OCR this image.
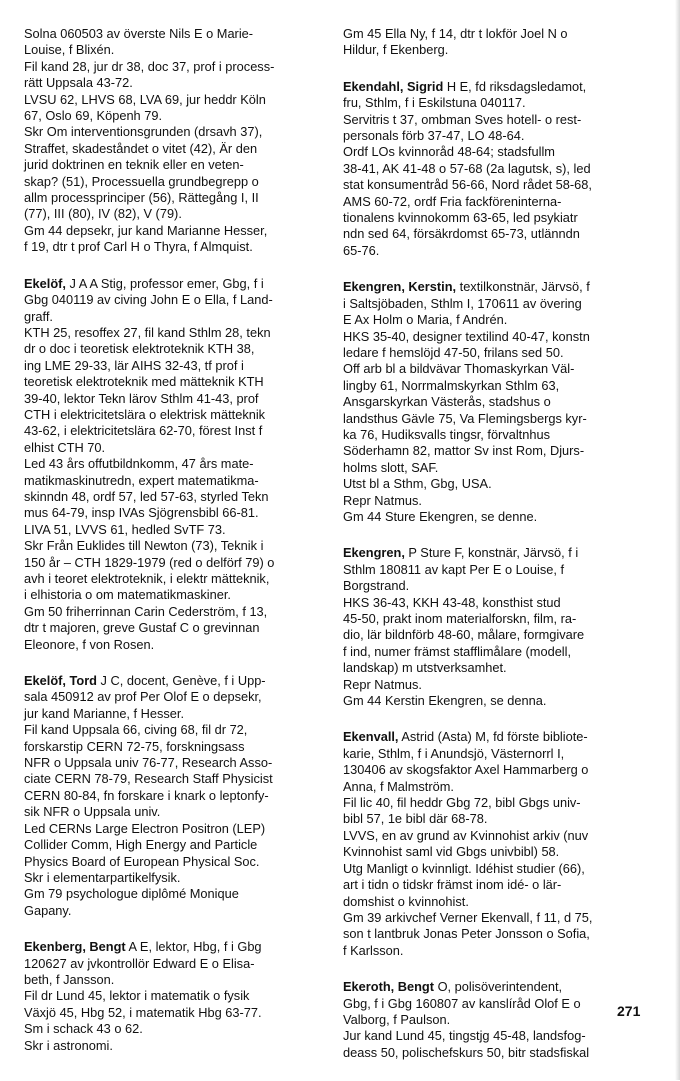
Solna 060503 av överste Nils E o Marie-
Louise, f Blixén.
Fil kand 28, jur dr 38, doc 37, prof i process-
rätt Uppsala 43-72.
LVSU 62, LHVS 68, LVA 69, jur heddr Köln
67, Oslo 69, Köpenh 79.
Skr Om interventionsgrunden (drsavh 37),
Straffet, skadeståndet o vitet (42), Är den
jurid doktrinen en teknik eller en veten-
skap? (51), Processuella grundbegrepp o
allm processprinciper (56), Rättegång I, II
(77), III (80), IV (82), V (79).
Gm 44 depsekr, jur kand Marianne Hesser,
f 19, dtr t prof Carl H o Thyra, f Almquist.

Ekelöf, J A A Stig, professor emer, Gbg, f i
Gbg 040119 av civing John E o Ella, f Land-
graff.
KTH 25, resoffex 27, fil kand Sthlm 28, tekn
dr o doc i teoretisk elektroteknik KTH 38,
ing LME 29-33, lär AIHS 32-43, tf prof i
teoretisk elektroteknik med mätteknik KTH
39-40, lektor Tekn lärov Sthlm 41-43, prof
CTH i elektricitetslära o elektrisk mätteknik
43-62, i elektricitetslära 62-70, förest Inst f
elhist CTH 70.
Led 43 års offutbildnkomm, 47 års mate-
matikmaskinutredn, expert matematikma-
skinndn 48, ordf 57, led 57-63, styrled Tekn
mus 64-79, insp IVAs Sjögrensbibl 66-81.
LIVA 51, LVVS 61, hedled SvTF 73.
Skr Från Euklides till Newton (73), Teknik i
150 år – CTH 1829-1979 (red o delförf 79) o
avh i teoret elektroteknik, i elektr mätteknik,
i elhistoria o om matematikmaskiner.
Gm 50 friherrinnan Carin Cederström, f 13,
dtr t majoren, greve Gustaf C o grevinnan
Eleonore, f von Rosen.

Ekelöf, Tord J C, docent, Genève, f i Upp-
sala 450912 av prof Per Olof E o depsekr,
jur kand Marianne, f Hesser.
Fil kand Uppsala 66, civing 68, fil dr 72,
forskarstip CERN 72-75, forskningsass
NFR o Uppsala univ 76-77, Research Asso-
ciate CERN 78-79, Research Staff Physicist
CERN 80-84, fn forskare i knark o leptonfy-
sik NFR o Uppsala univ.
Led CERNs Large Electron Positron (LEP)
Collider Comm, High Energy and Particle
Physics Board of European Physical Soc.
Skr i elementarpartikelfysik.
Gm 79 psychologue diplômé Monique
Gapany.

Ekenberg, Bengt A E, lektor, Hbg, f i Gbg
120627 av jvkontrollör Edward E o Elisa-
beth, f Jansson.
Fil dr Lund 45, lektor i matematik o fysik
Växjö 45, Hbg 52, i matematik Hbg 63-77.
Sm i schack 43 o 62.
Skr i astronomi.

Gm 45 Ella Ny, f 14, dtr t lokför Joel N o
Hildur, f Ekenberg.

Ekendahl, Sigrid H E, fd riksdagsledamot,
fru, Sthlm, f i Eskilstuna 040117.
Servitris t 37, ombman Sves hotell- o rest-
personals förb 37-47, LO 48-64.
Ordf LOs kvinnoråd 48-64; stadsfullm
38-41, AK 41-48 o 57-68 (2a lagutsk, s), led
stat konsumentråd 56-66, Nord rådet 58-68,
AMS 60-72, ordf Fria fackföreninterna-
tionalens kvinnokomm 63-65, led psykiatr
ndn sed 64, försäkrdomst 65-73, utlänndn
65-76.

Ekengren, Kerstin, textilkonstnär, Järvsö, f
i Saltsjöbaden, Sthlm I, 170611 av övering
E Ax Holm o Maria, f Andrén.
HKS 35-40, designer textilind 40-47, konstn
ledare f hemslöjd 47-50, frilans sed 50.
Off arb bl a bildvävar Thomaskyrkan Väl-
lingby 61, Norrmalmskyrkan Sthlm 63,
Ansgarskyrkan Västerås, stadshus o
landsthus Gävle 75, Va Flemingsbergs kyr-
ka 76, Hudiksvalls tingsr, förvaltnhus
Söderhamn 82, mattor Sv inst Rom, Djurs-
holms slott, SAF.
Utst bl a Sthm, Gbg, USA.
Repr Natmus.
Gm 44 Sture Ekengren, se denne.

Ekengren, P Sture F, konstnär, Järvsö, f i
Sthlm 180811 av kapt Per E o Louise, f
Borgstrand.
HKS 36-43, KKH 43-48, konsthist stud
45-50, prakt inom materialforskn, film, ra-
dio, lär bildnförb 48-60, målare, formgivare
f ind, numer främst stafflimålare (modell,
landskap) m utstverksamhet.
Repr Natmus.
Gm 44 Kerstin Ekengren, se denna.

Ekenvall, Astrid (Asta) M, fd förste bibliote-
karie, Sthlm, f i Anundsjö, Västernorrl I,
130406 av skogsfaktor Axel Hammarberg o
Anna, f Malmström.
Fil lic 40, fil heddr Gbg 72, bibl Gbgs univ-
bibl 57, 1e bibl där 68-78.
LVVS, en av grund av Kvinnohist arkiv (nuv
Kvinnohist saml vid Gbgs univbibl) 58.
Utg Manligt o kvinnligt. Idéhist studier (66),
art i tidn o tidskr främst inom idé- o lär-
domshist o kvinnohist.
Gm 39 arkivchef Verner Ekenvall, f 11, d 75,
son t lantbruk Jonas Peter Jonsson o Sofia,
f Karlsson.

Ekeroth, Bengt O, polisöverintendent,
Gbg, f i Gbg 160807 av kanslíråd Olof E o
Valborg, f Paulson.
Jur kand Lund 45, tingstjg 45-48, landsfog-
deass 50, polischefskurs 50, bitr stadsfiskal

271
